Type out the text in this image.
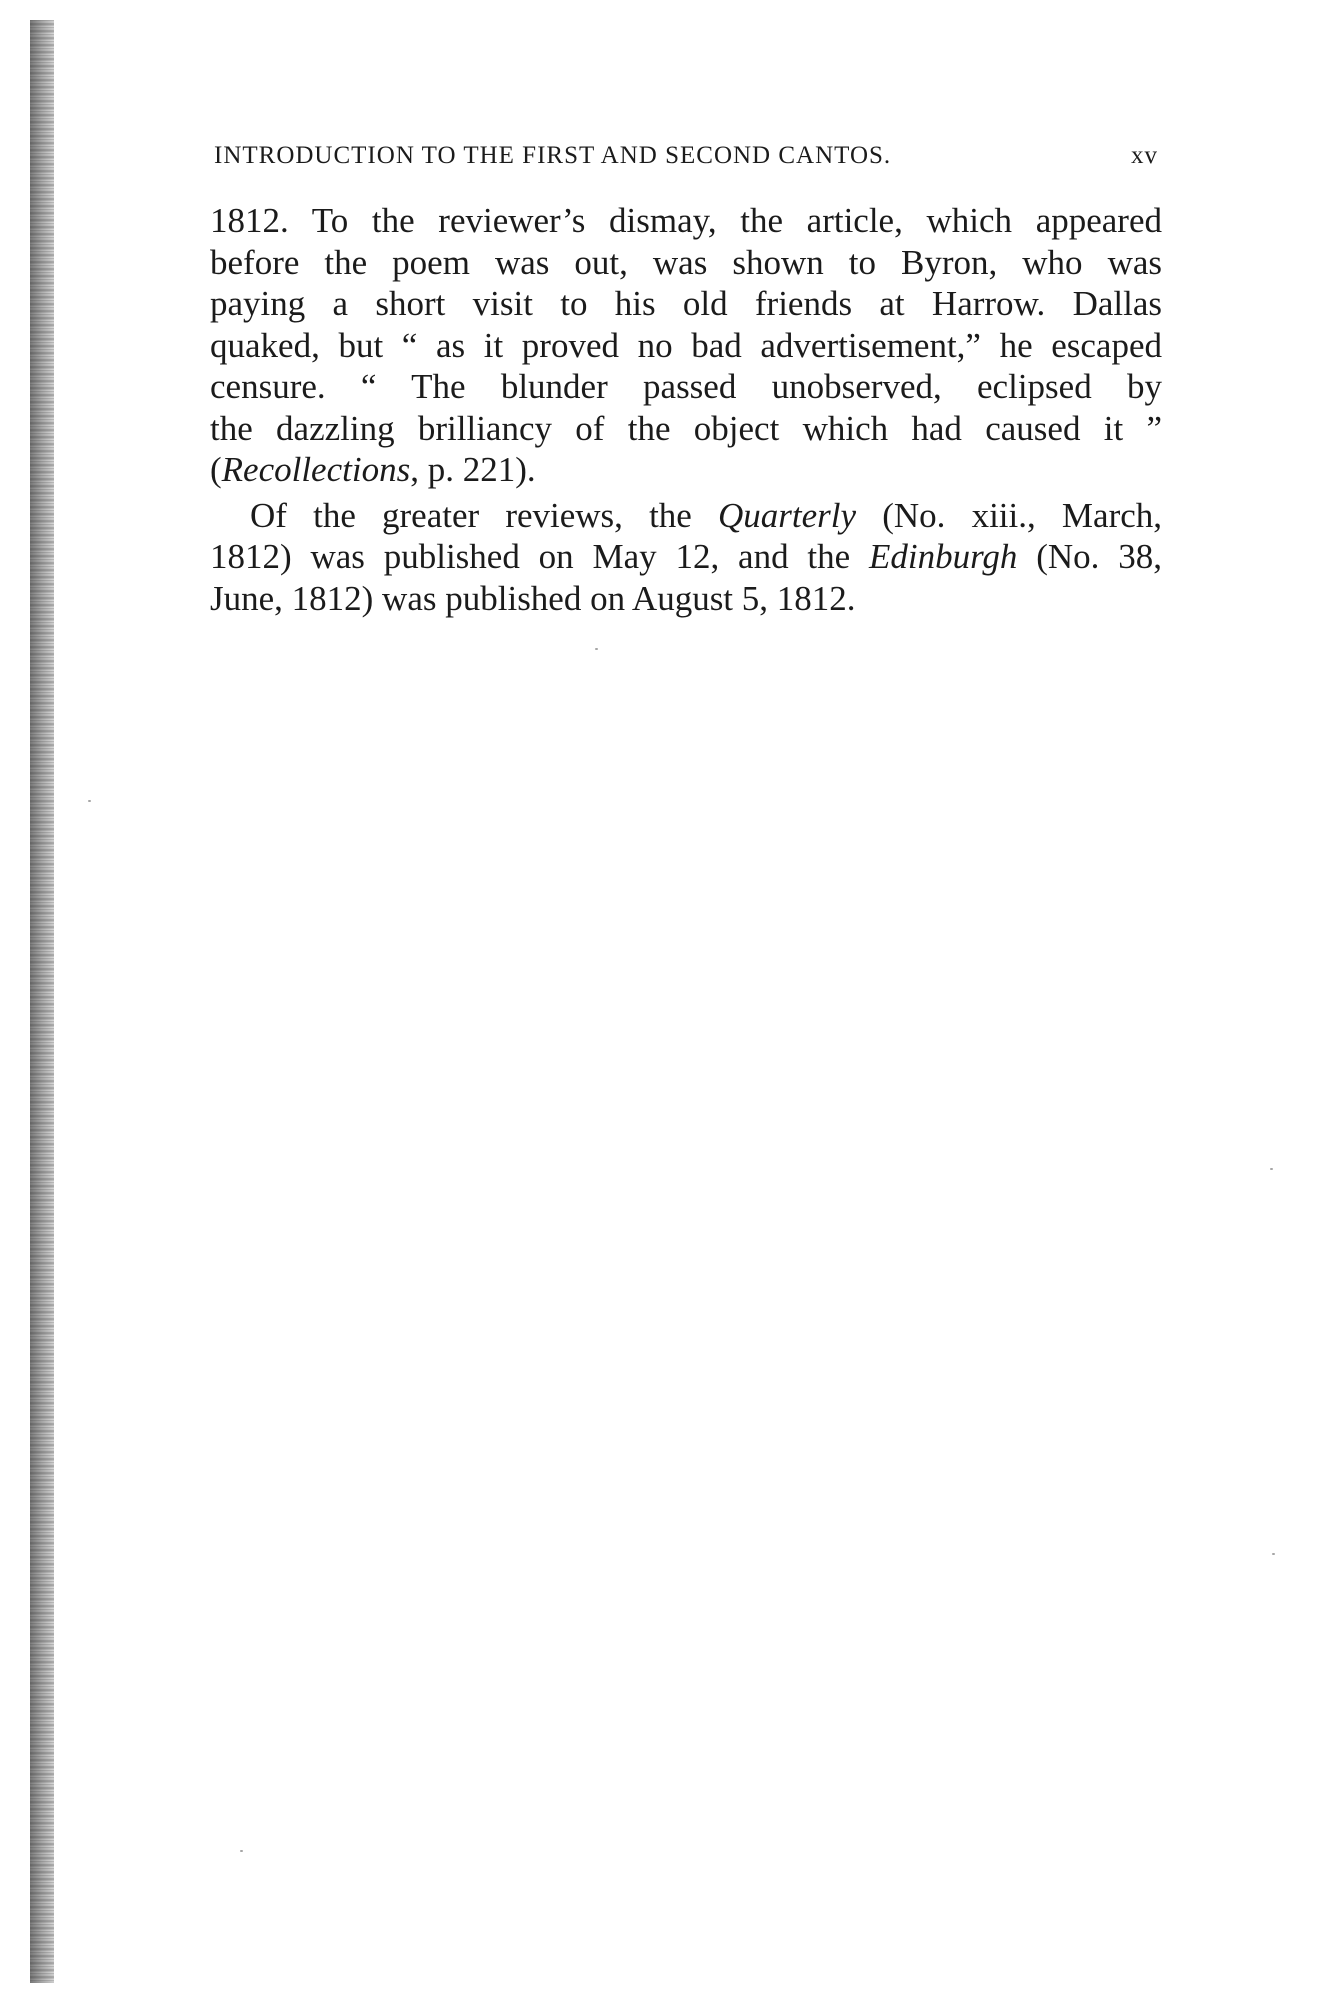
INTRODUCTION TO THE FIRST AND SECOND CANTOS.	xv

1812. To the reviewer’s dismay, the article, which appeared
before the poem was out, was shown to Byron, who was
paying a short visit to his old friends at Harrow. Dallas
quaked, but “ as it proved no bad advertisement,” he escaped
censure. “ The blunder passed unobserved, eclipsed by
the dazzling brilliancy of the object which had caused it ”
(Recollections, p. 221).

Of the greater reviews, the Quarterly (No. xiii., March,
1812) was published on May 12, and the Edinburgh (No. 38,
June, 1812) was published on August 5, 1812.
